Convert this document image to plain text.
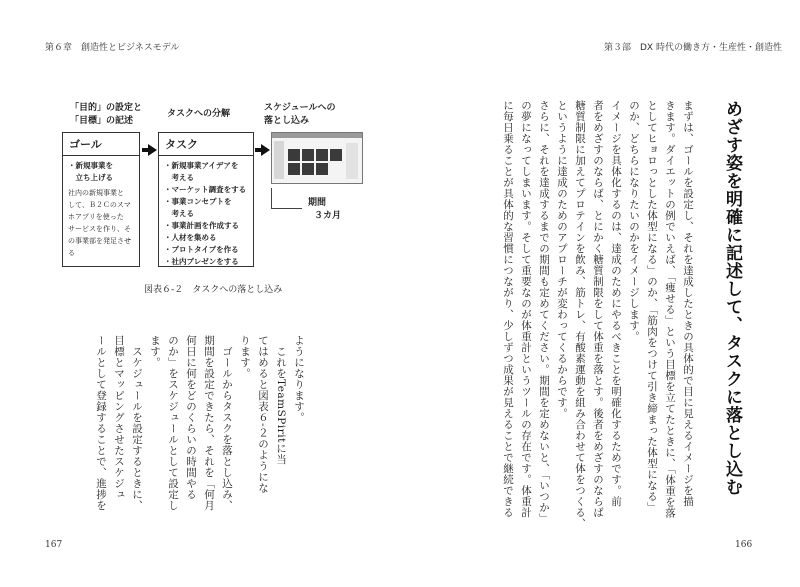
第６章　創造性とビジネスモデル	第３部　DX 時代の働き方・生産性・創造性
めざす姿を明確に記述して、タスクに落とし込む

まずは、ゴールを設定し、それを達成したときの具体的で目に見えるイメージを描

きます。ダイエットの例でいえば、「痩せる」という目標を立てたときに、「体重を落

としてヒョロっとした体型になる」のか、「筋肉をつけて引き締まった体型になる」

のか、どちらになりたいのかをイメージします。

イメージを具体化するのは、達成のためにやるべきことを明確化するためです。前

者をめざすのならば、とにかく糖質制限をして体重を落とす。後者をめざすのならば

糖質制限に加えてプロテインを飲み、筋トレ、有酸素運動を組み合わせて体をつくる、

というように達成のためのアプローチが変わってくるからです。

さらに、それを達成するまでの期間も定めてください。期間を定めないと、「いつか」

の夢になってしまいます。そして重要なのが体重計というツールの存在です。体重計

に毎日乗ることが具体的な習慣につながり、少しずつ成果が見えることで継続できる

ようになります。

　これをTeamSPiritに当

てはめると図表６-２のようにな

ります。

　ゴールからタスクを落とし込み、

期間を設定できたら、それを「何月

何日に何をどのくらいの時間やる

のか」をスケジュールとして設定し

ます。

　スケジュールを設定するときに、

目標とマッピングさせたスケジュ

ールとして登録することで、進捗を

「目的」の設定と
「目標」の記述
タスクへの分解
スケジュールへの
落とし込み
ゴール
・新規事業を
　立ち上げる
社内の新規事業と
して、Ｂ２Ｃのスマ
ホアプリを使った
サービスを作り、そ
の事業部を発足させ
る
タスク
・新規事業アイデアを
　考える
・マーケット調査をする
・事業コンセプトを
　考える
・事業計画を作成する
・人材を集める
・プロトタイプを作る
・社内プレゼンをする
期間
３カ月
図表６-２　タスクへの落とし込み
167	166
